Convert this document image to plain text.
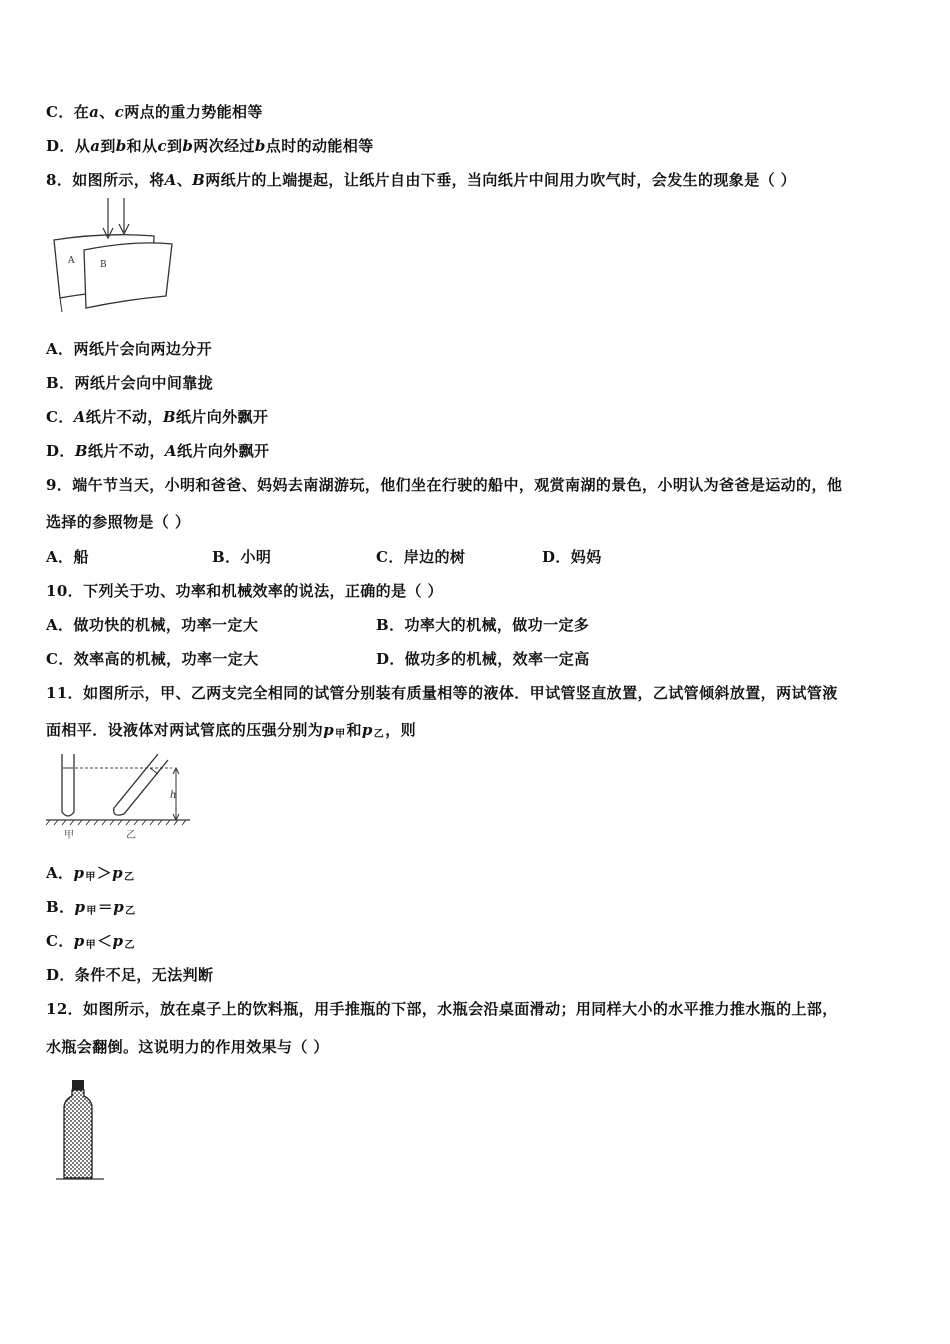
C．在a、c两点的重力势能相等
D．从a到b和从c到b两次经过b点时的动能相等
8．如图所示，将A、B两纸片的上端提起，让纸片自由下垂，当向纸片中间用力吹气时，会发生的现象是（ ）
A	B
A．两纸片会向两边分开
B．两纸片会向中间靠拢
C．A纸片不动，B纸片向外飘开
D．B纸片不动，A纸片向外飘开
9．端午节当天，小明和爸爸、妈妈去南湖游玩，他们坐在行驶的船中，观赏南湖的景色，小明认为爸爸是运动的，他
选择的参照物是（ ）
A．船	B．小明	C．岸边的树	D．妈妈
10．下列关于功、功率和机械效率的说法，正确的是（ ）
A．做功快的机械，功率一定大	B．功率大的机械，做功一定多
C．效率高的机械，功率一定大	D．做功多的机械，效率一定高
11．如图所示，甲、乙两支完全相同的试管分别装有质量相等的液体．甲试管竖直放置，乙试管倾斜放置，两试管液
面相平．设液体对两试管底的压强分别为$p_甲$和$p_乙$，则
h
甲	乙
A．$p_甲>p_乙$
B．$p_甲=p_乙$
C．$p_甲<p_乙$
D．条件不足，无法判断
12．如图所示，放在桌子上的饮料瓶，用手推瓶的下部，水瓶会沿桌面滑动；用同样大小的水平推力推水瓶的上部，
水瓶会翻倒。这说明力的作用效果与（ ）
